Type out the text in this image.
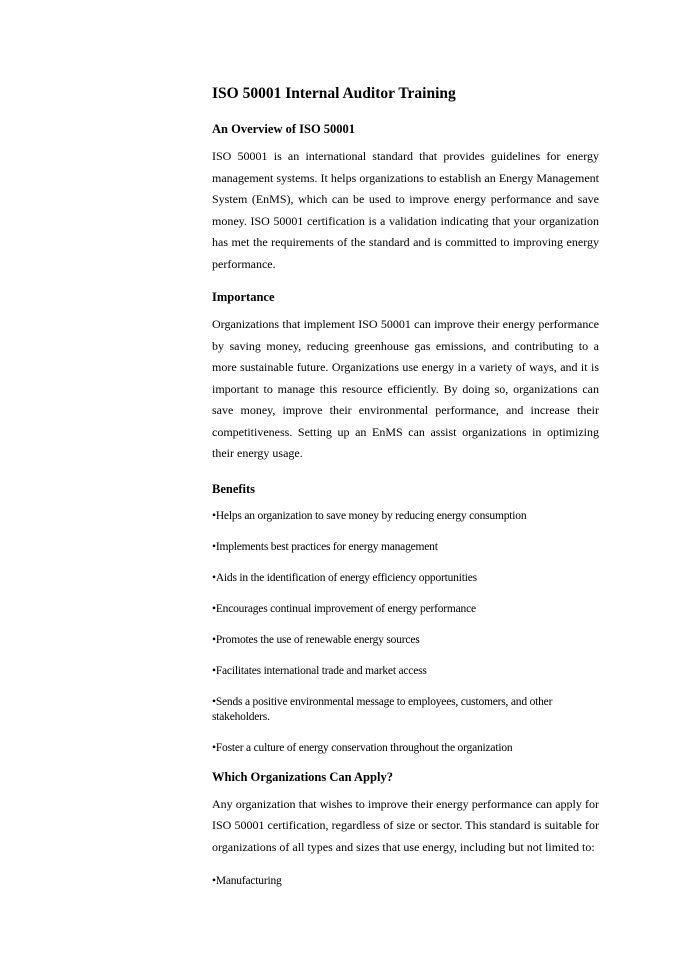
ISO 50001 Internal Auditor Training
An Overview of ISO 50001

ISO 50001 is an international standard that provides guidelines for energy management systems. It helps organizations to establish an Energy Management System (EnMS), which can be used to improve energy performance and save money. ISO 50001 certification is a validation indicating that your organization has met the requirements of the standard and is committed to improving energy performance.

Importance

Organizations that implement ISO 50001 can improve their energy performance by saving money, reducing greenhouse gas emissions, and contributing to a more sustainable future. Organizations use energy in a variety of ways, and it is important to manage this resource efficiently. By doing so, organizations can save money, improve their environmental performance, and increase their competitiveness. Setting up an EnMS can assist organizations in optimizing their energy usage.

Benefits
•Helps an organization to save money by reducing energy consumption
•Implements best practices for energy management
•Aids in the identification of energy efficiency opportunities
•Encourages continual improvement of energy performance
•Promotes the use of renewable energy sources
•Facilitates international trade and market access
•Sends a positive environmental message to employees, customers, and other stakeholders.
•Foster a culture of energy conservation throughout the organization
Which Organizations Can Apply?

Any organization that wishes to improve their energy performance can apply for ISO 50001 certification, regardless of size or sector. This standard is suitable for organizations of all types and sizes that use energy, including but not limited to:

•Manufacturing
